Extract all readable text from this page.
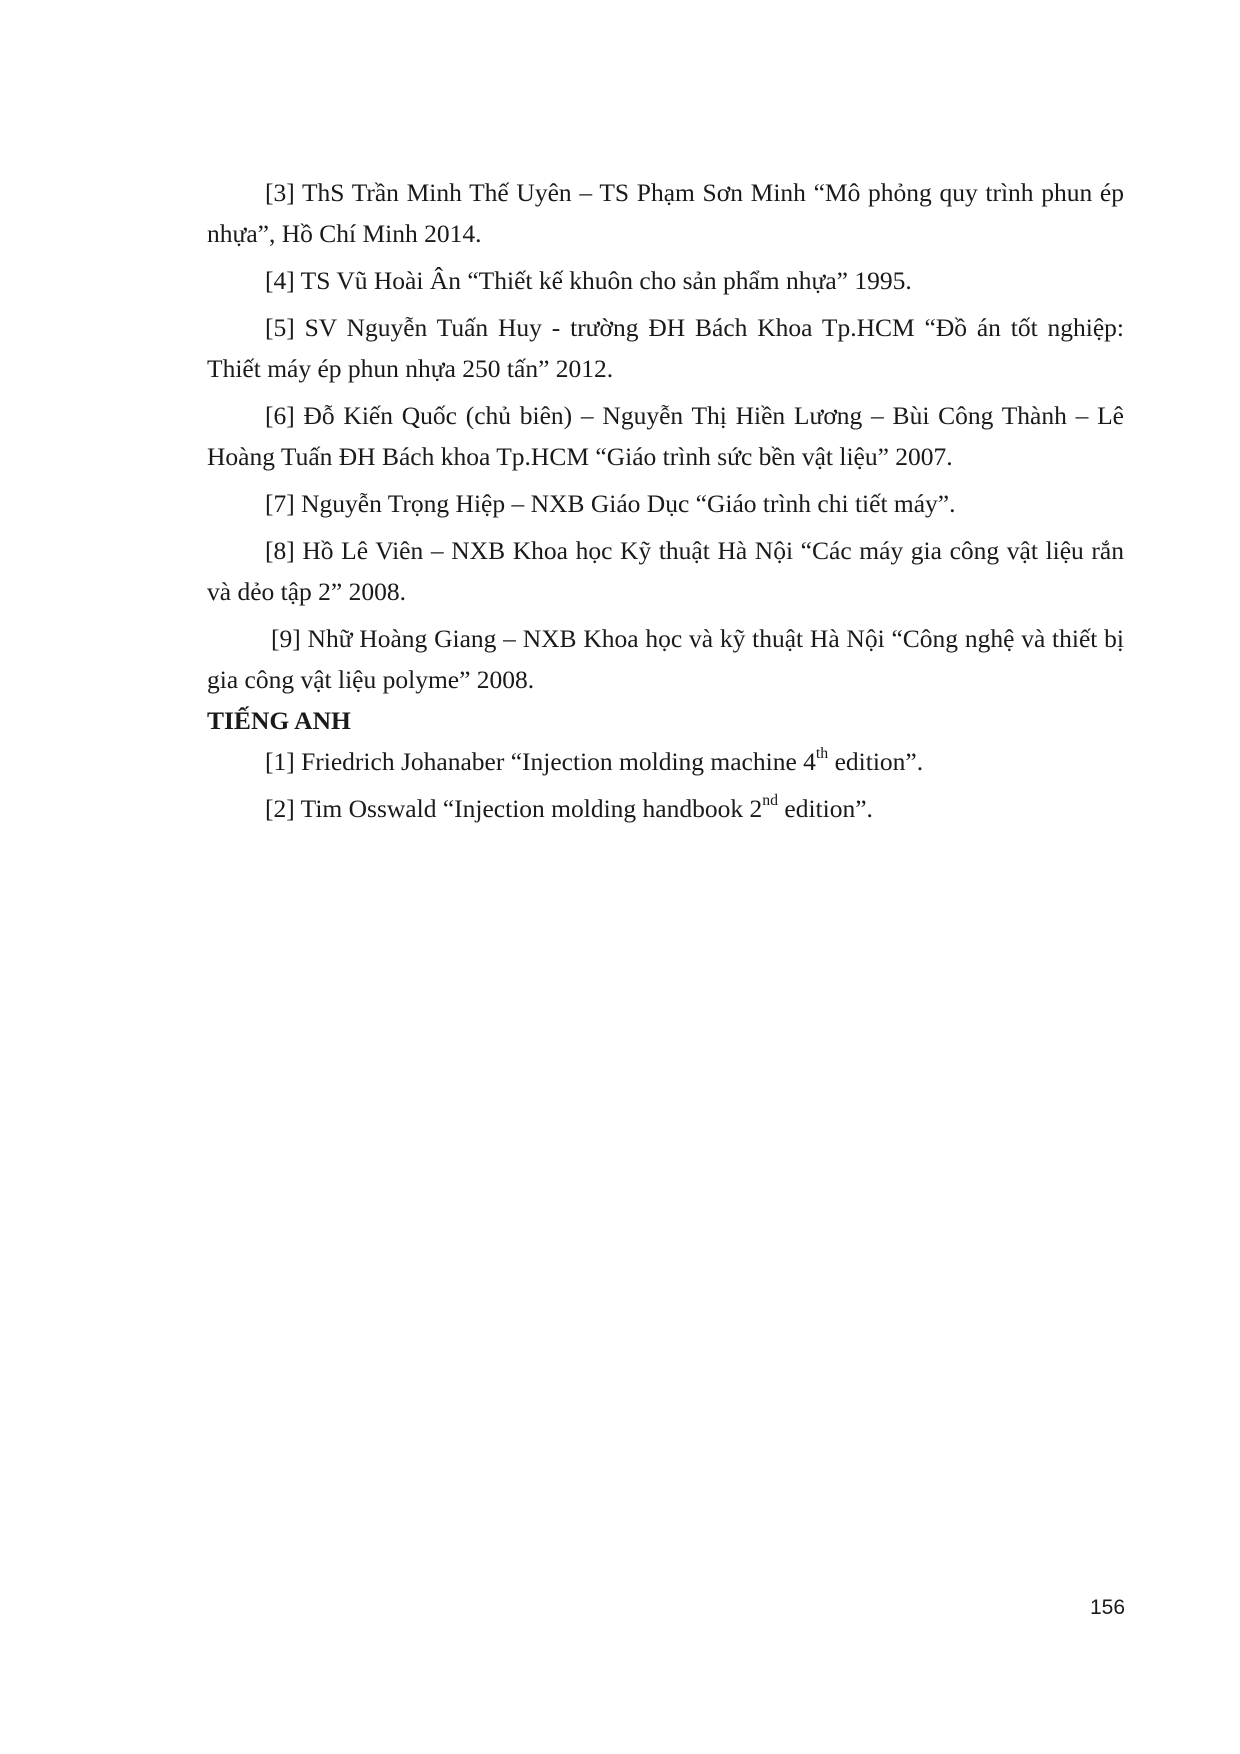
[3] ThS Trần Minh Thế Uyên – TS Phạm Sơn Minh “Mô phỏng quy trình phun ép nhựa”, Hồ Chí Minh 2014.

[4] TS Vũ Hoài Ân “Thiết kế khuôn cho sản phẩm nhựa” 1995.

[5] SV Nguyễn Tuấn Huy - trường ĐH Bách Khoa Tp.HCM “Đồ án tốt nghiệp: Thiết máy ép phun nhựa 250 tấn” 2012.

[6] Đỗ Kiến Quốc (chủ biên) – Nguyễn Thị Hiền Lương – Bùi Công Thành – Lê Hoàng Tuấn ĐH Bách khoa Tp.HCM “Giáo trình sức bền vật liệu” 2007.

[7] Nguyễn Trọng Hiệp – NXB Giáo Dục “Giáo trình chi tiết máy”.

[8] Hồ Lê Viên – NXB Khoa học Kỹ thuật Hà Nội “Các máy gia công vật liệu rắn và dẻo tập 2” 2008.

[9] Nhữ Hoàng Giang – NXB Khoa học và kỹ thuật Hà Nội “Công nghệ và thiết bị gia công vật liệu polyme” 2008.

TIẾNG ANH

[1] Friedrich Johanaber “Injection molding machine 4th edition”.

[2] Tim Osswald “Injection molding handbook 2nd edition”.

156
